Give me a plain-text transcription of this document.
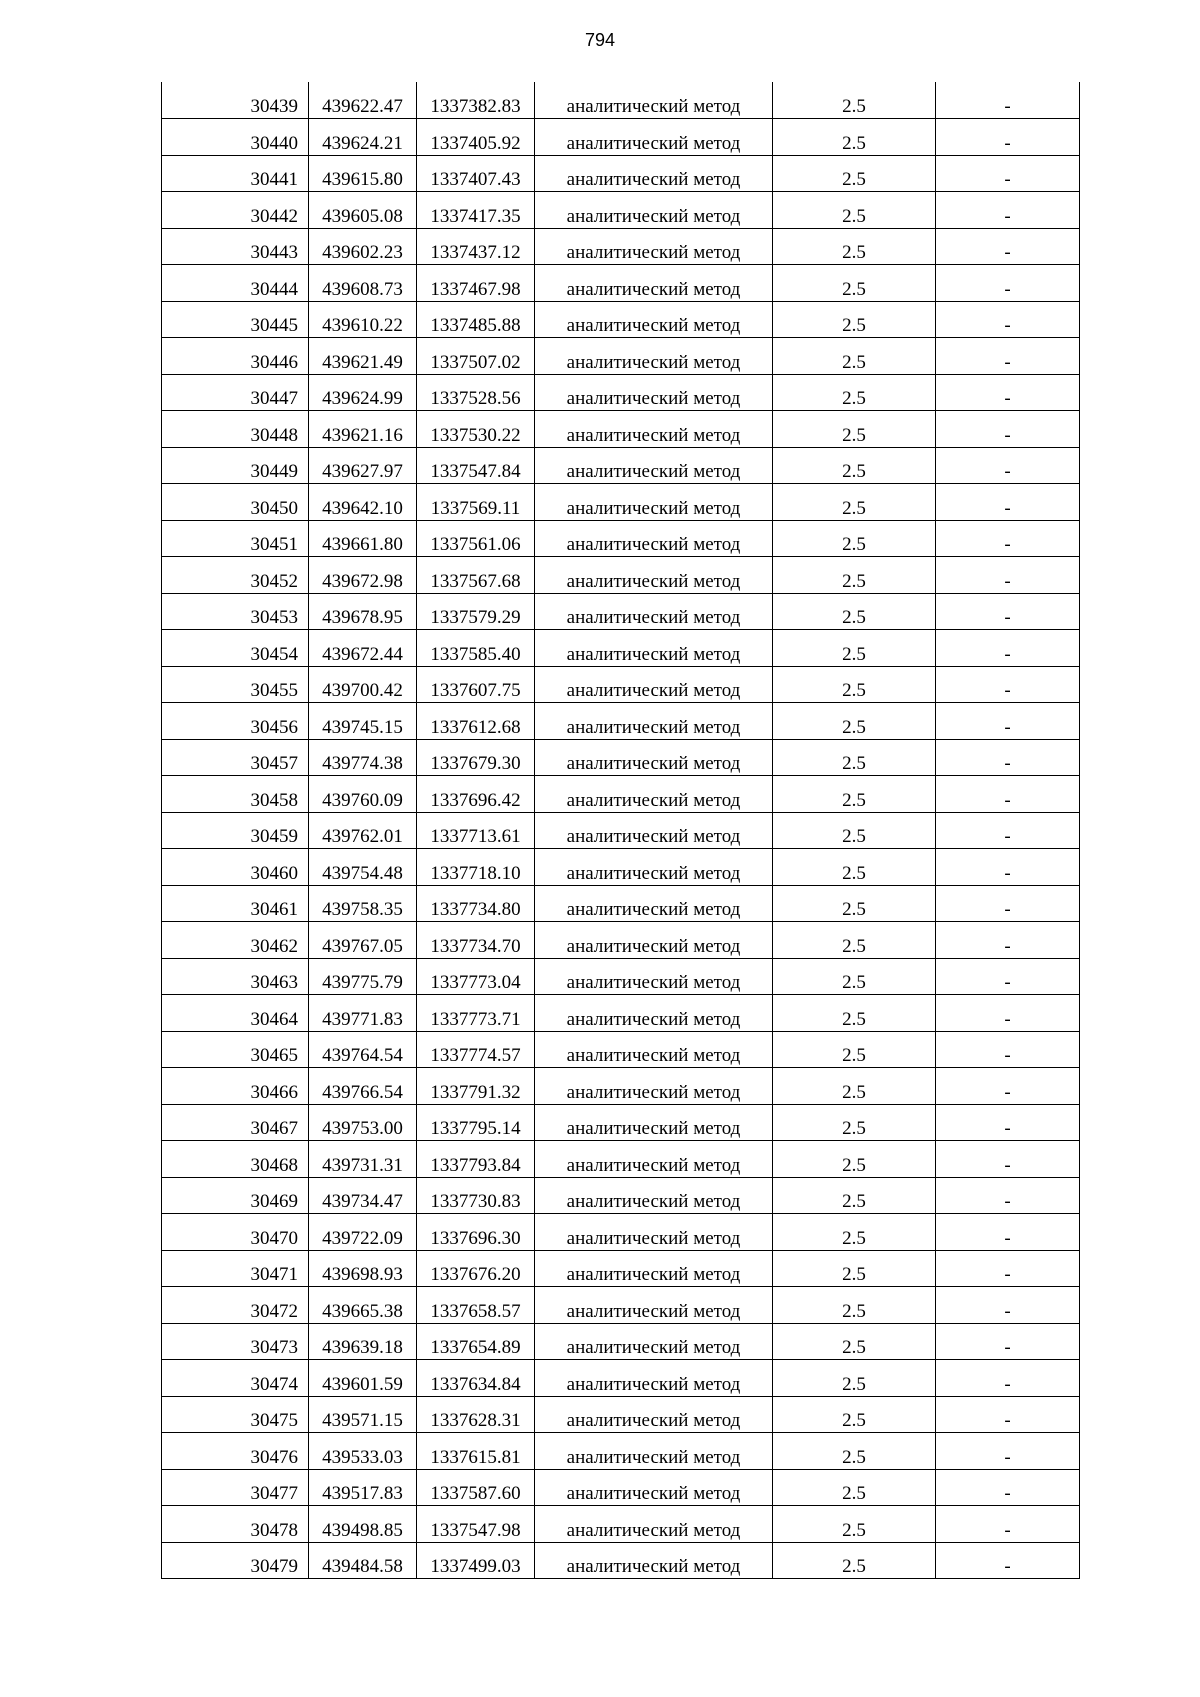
794
30439	439622.47	1337382.83	аналитический метод	2.5	-
30440	439624.21	1337405.92	аналитический метод	2.5	-
30441	439615.80	1337407.43	аналитический метод	2.5	-
30442	439605.08	1337417.35	аналитический метод	2.5	-
30443	439602.23	1337437.12	аналитический метод	2.5	-
30444	439608.73	1337467.98	аналитический метод	2.5	-
30445	439610.22	1337485.88	аналитический метод	2.5	-
30446	439621.49	1337507.02	аналитический метод	2.5	-
30447	439624.99	1337528.56	аналитический метод	2.5	-
30448	439621.16	1337530.22	аналитический метод	2.5	-
30449	439627.97	1337547.84	аналитический метод	2.5	-
30450	439642.10	1337569.11	аналитический метод	2.5	-
30451	439661.80	1337561.06	аналитический метод	2.5	-
30452	439672.98	1337567.68	аналитический метод	2.5	-
30453	439678.95	1337579.29	аналитический метод	2.5	-
30454	439672.44	1337585.40	аналитический метод	2.5	-
30455	439700.42	1337607.75	аналитический метод	2.5	-
30456	439745.15	1337612.68	аналитический метод	2.5	-
30457	439774.38	1337679.30	аналитический метод	2.5	-
30458	439760.09	1337696.42	аналитический метод	2.5	-
30459	439762.01	1337713.61	аналитический метод	2.5	-
30460	439754.48	1337718.10	аналитический метод	2.5	-
30461	439758.35	1337734.80	аналитический метод	2.5	-
30462	439767.05	1337734.70	аналитический метод	2.5	-
30463	439775.79	1337773.04	аналитический метод	2.5	-
30464	439771.83	1337773.71	аналитический метод	2.5	-
30465	439764.54	1337774.57	аналитический метод	2.5	-
30466	439766.54	1337791.32	аналитический метод	2.5	-
30467	439753.00	1337795.14	аналитический метод	2.5	-
30468	439731.31	1337793.84	аналитический метод	2.5	-
30469	439734.47	1337730.83	аналитический метод	2.5	-
30470	439722.09	1337696.30	аналитический метод	2.5	-
30471	439698.93	1337676.20	аналитический метод	2.5	-
30472	439665.38	1337658.57	аналитический метод	2.5	-
30473	439639.18	1337654.89	аналитический метод	2.5	-
30474	439601.59	1337634.84	аналитический метод	2.5	-
30475	439571.15	1337628.31	аналитический метод	2.5	-
30476	439533.03	1337615.81	аналитический метод	2.5	-
30477	439517.83	1337587.60	аналитический метод	2.5	-
30478	439498.85	1337547.98	аналитический метод	2.5	-
30479	439484.58	1337499.03	аналитический метод	2.5	-
